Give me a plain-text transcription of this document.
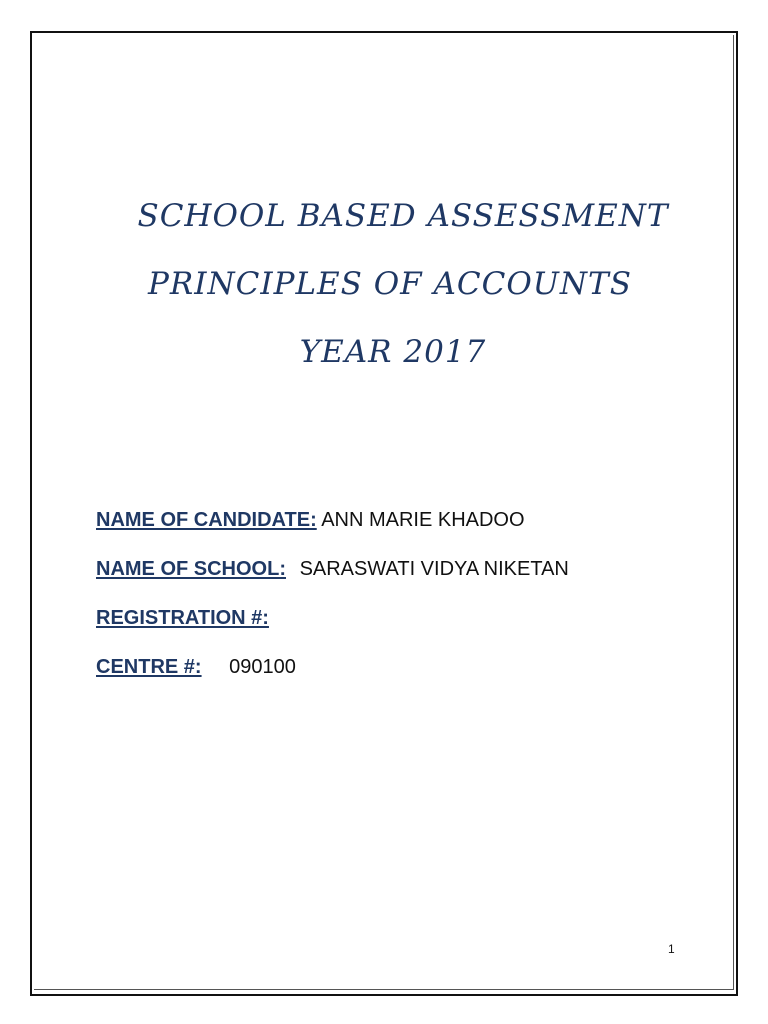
SCHOOL BASED ASSESSMENT
PRINCIPLES OF ACCOUNTS
YEAR 2017
NAME OF CANDIDATE: ANN MARIE KHADOO
NAME OF SCHOOL: SARASWATI VIDYA NIKETAN
REGISTRATION #:
CENTRE #: 090100
1
